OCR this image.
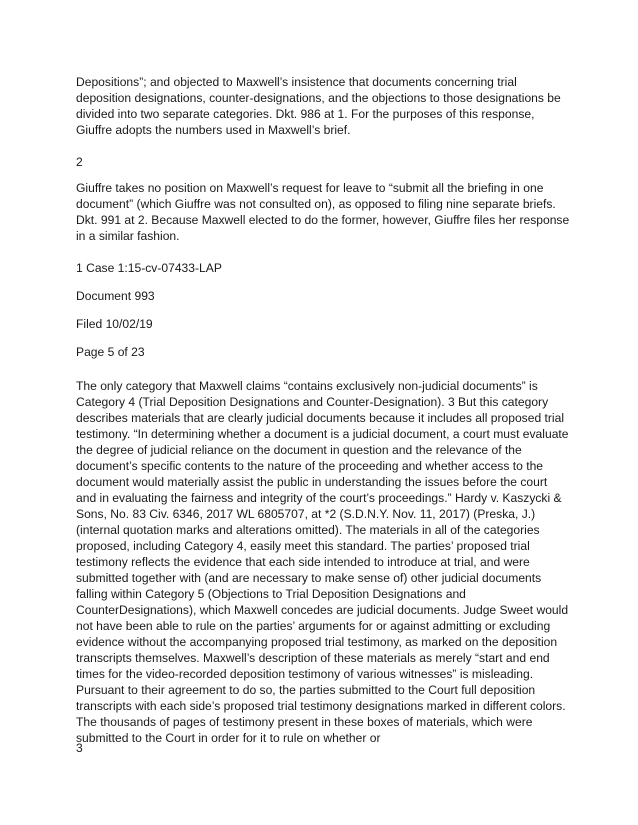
Depositions”; and objected to Maxwell’s insistence that documents concerning trial deposition designations, counter-designations, and the objections to those designations be divided into two separate categories. Dkt. 986 at 1. For the purposes of this response, Giuffre adopts the numbers used in Maxwell’s brief.

2

Giuffre takes no position on Maxwell’s request for leave to “submit all the briefing in one document” (which Giuffre was not consulted on), as opposed to filing nine separate briefs. Dkt. 991 at 2. Because Maxwell elected to do the former, however, Giuffre files her response in a similar fashion.

1 Case 1:15-cv-07433-LAP

Document 993

Filed 10/02/19

Page 5 of 23

The only category that Maxwell claims “contains exclusively non-judicial documents” is Category 4 (Trial Deposition Designations and Counter-Designation). 3 But this category describes materials that are clearly judicial documents because it includes all proposed trial testimony. “In determining whether a document is a judicial document, a court must evaluate the degree of judicial reliance on the document in question and the relevance of the document’s specific contents to the nature of the proceeding and whether access to the document would materially assist the public in understanding the issues before the court and in evaluating the fairness and integrity of the court’s proceedings.” Hardy v. Kaszycki & Sons, No. 83 Civ. 6346, 2017 WL 6805707, at *2 (S.D.N.Y. Nov. 11, 2017) (Preska, J.) (internal quotation marks and alterations omitted). The materials in all of the categories proposed, including Category 4, easily meet this standard. The parties’ proposed trial testimony reflects the evidence that each side intended to introduce at trial, and were submitted together with (and are necessary to make sense of) other judicial documents falling within Category 5 (Objections to Trial Deposition Designations and CounterDesignations), which Maxwell concedes are judicial documents. Judge Sweet would not have been able to rule on the parties’ arguments for or against admitting or excluding evidence without the accompanying proposed trial testimony, as marked on the deposition transcripts themselves. Maxwell’s description of these materials as merely “start and end times for the video-recorded deposition testimony of various witnesses” is misleading. Pursuant to their agreement to do so, the parties submitted to the Court full deposition transcripts with each side’s proposed trial testimony designations marked in different colors. The thousands of pages of testimony present in these boxes of materials, which were submitted to the Court in order for it to rule on whether or

3
